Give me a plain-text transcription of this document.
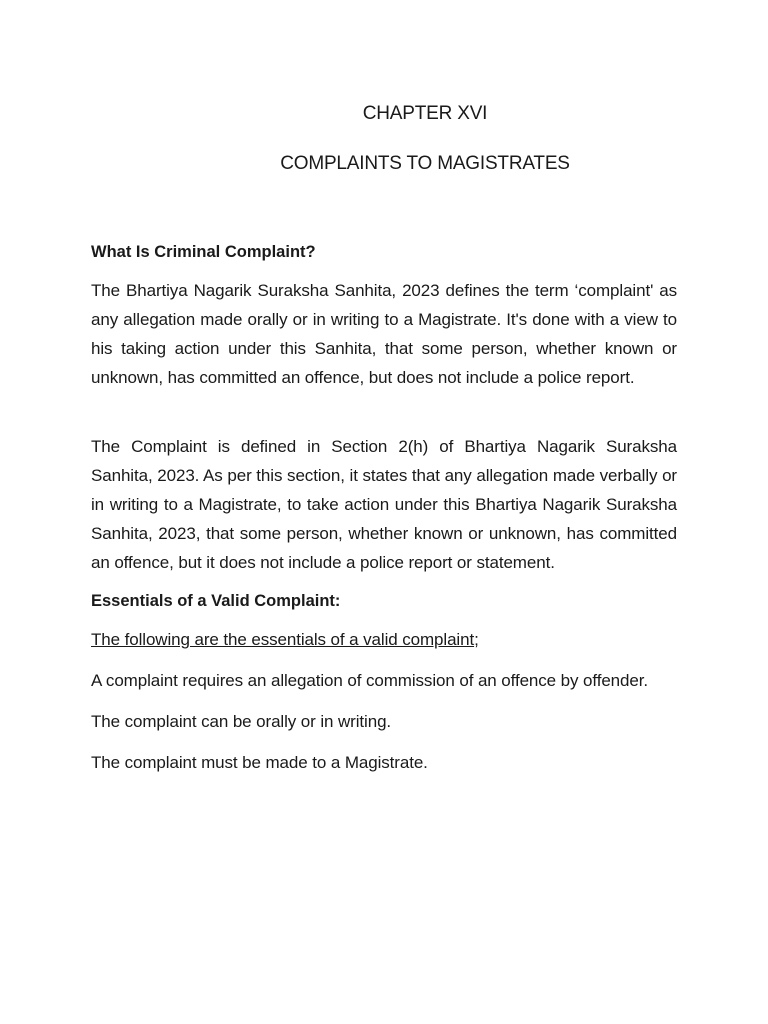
CHAPTER XVI
COMPLAINTS TO MAGISTRATES

What Is Criminal Complaint?

The Bhartiya Nagarik Suraksha Sanhita, 2023 defines the term ‘complaint' as any allegation made orally or in writing to a Magistrate. It's done with a view to his taking action under this Sanhita, that some person, whether known or unknown, has committed an offence, but does not include a police report.

The Complaint is defined in Section 2(h) of Bhartiya Nagarik Suraksha Sanhita, 2023. As per this section, it states that any allegation made verbally or in writing to a Magistrate, to take action under this Bhartiya Nagarik Suraksha Sanhita, 2023, that some person, whether known or unknown, has committed an offence, but it does not include a police report or statement.

Essentials of a Valid Complaint:

The following are the essentials of a valid complaint;

A complaint requires an allegation of commission of an offence by offender.

The complaint can be orally or in writing.

The complaint must be made to a Magistrate.
